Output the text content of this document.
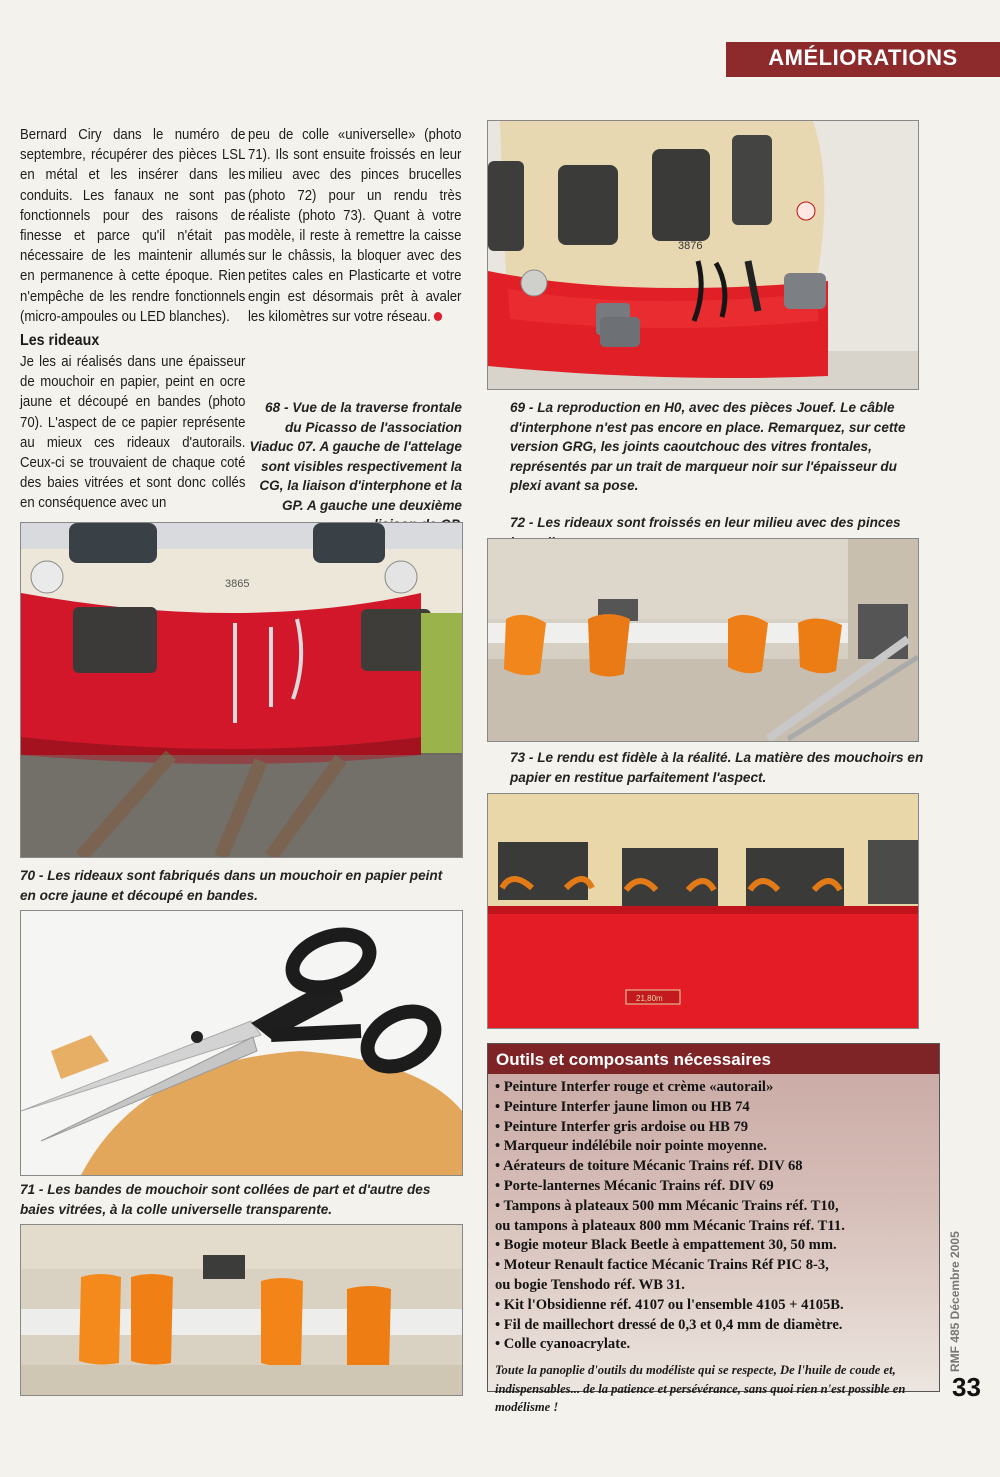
AMÉLIORATIONS

Bernard Ciry dans le numéro de septembre, récupérer des pièces LSL en métal et les insérer dans les conduits. Les fanaux ne sont pas fonctionnels pour des raisons de finesse et parce qu'il n'était pas nécessaire de les maintenir allumés en permanence à cette époque. Rien n'empêche de les rendre fonctionnels (micro-ampoules ou LED blanches).

peu de colle «universelle» (photo 71). Ils sont ensuite froissés en leur milieu avec des pinces brucelles (photo 72) pour un rendu très réaliste (photo 73). Quant à votre modèle, il reste à remettre la caisse sur le châssis, la bloquer avec des petites cales en Plasticarte et votre engin est désormais prêt à avaler les kilomètres sur votre réseau.

Les rideaux

Je les ai réalisés dans une épaisseur de mouchoir en papier, peint en ocre jaune et découpé en bandes (photo 70). L'aspect de ce papier représente au mieux ces rideaux d'autorails. Ceux-ci se trouvaient de chaque coté des baies vitrées et sont donc collés en conséquence avec un

68 - Vue de la traverse frontale du Picasso de l'association Viaduc 07. A gauche de l'attelage sont visibles respectivement la CG, la liaison d'interphone et la GP. A gauche une deuxième

3876

69 - La reproduction en H0, avec des pièces Jouef. Le câble d'interphone n'est pas encore en place. Remarquez, sur cette version GRG, les joints caoutchouc des vitres frontales, représentés par un trait de marqueur noir sur l'épaisseur du plexi avant sa pose.

72 - Les rideaux sont froissés en leur milieu avec des pinces

73 - Le rendu est fidèle à la réalité. La matière des mouchoirs en papier en restitue parfaitement l'aspect.

21,80m
3865

70 - Les rideaux sont fabriqués dans un mouchoir en papier peint en ocre jaune et découpé en bandes.

71 - Les bandes de mouchoir sont collées de part et d'autre des baies vitrées, à la colle universelle transparente.

Outils et composants nécessaires

• Peinture Interfer rouge et crème «autorail»
• Peinture Interfer jaune limon ou HB 74
• Peinture Interfer gris ardoise ou HB 79
• Marqueur indélébile noir pointe moyenne.
• Aérateurs de toiture Mécanic Trains réf. DIV 68
• Porte-lanternes Mécanic Trains réf. DIV 69
• Tampons à plateaux 500 mm Mécanic Trains réf. T10,
ou tampons à plateaux 800 mm Mécanic Trains réf. T11.
• Bogie moteur Black Beetle à empattement 30, 50 mm.
• Moteur Renault factice Mécanic Trains Réf PIC 8-3,
ou bogie Tenshodo réf. WB 31.
• Kit l'Obsidienne réf. 4107 ou l'ensemble 4105 + 4105B.
• Fil de maillechort dressé de 0,3 et 0,4 mm de diamètre.
• Colle cyanoacrylate.

Toute la panoplie d'outils du modéliste qui se respecte, De l'huile de coude et, indispensables... de la patience et persévérance, sans quoi rien n'est possible en modélisme !

RMF 485 Décembre 2005
33
